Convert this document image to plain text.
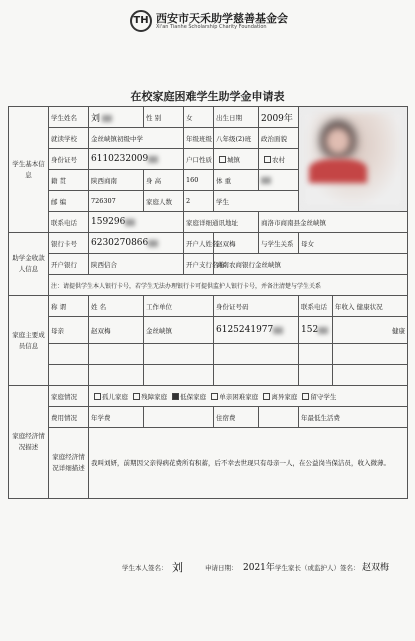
TH 西安市天禾助学慈善基金会
Xi'an Tianhe Scholarship Charity Foundation
在校家庭困难学生助学金申请表
学生基本信息	学生姓名	刘	性 别	女	出生日期	2009年		

	就读学校	金丝峡镇初级中学		年级班级	八年级(2)班	政治面貌		
	身份证号	6110232009		户口性质	城镇	农村		
	籍 贯	陕西商南	身 高	160	体 重			
	邮 编	726307	家庭人数	2	学生			
	联系电话	159296		家庭详细通讯地址		商洛市商南县金丝峡镇		
助学金收款人信息	银行卡号	6230270866		开户人姓名	赵双梅	与学生关系	母女	
	开户银行	陕西信合		开户支行名称	商南农商银行金丝峡镇			
	注：请提供学生本人银行卡号，若学生无法办理银行卡可提供监护人银行卡号，并备注清楚与学生关系							
家庭主要成员信息	称 谓	姓 名	工作单位		身份证号码		联系电话	年收入 健康状况
	母亲	赵双梅	金丝峡镇		6125241977		152	健康

家庭经济情况描述	家庭情况	孤儿家庭 残障家庭 低保家庭 单亲困难家庭 离异家庭 留守学生						
	费用情况	年学费			住宿费		年最低生活费	
	家庭经济情况详细描述	我叫刘妍，前期因父亲得病花费所有积蓄，后不幸去世现只有母亲一人，在公益岗当保洁员，收入微薄。						
学生本人签名： 刘	申请日期： 2021年 学生家长（或监护人）签名： 赵双梅
